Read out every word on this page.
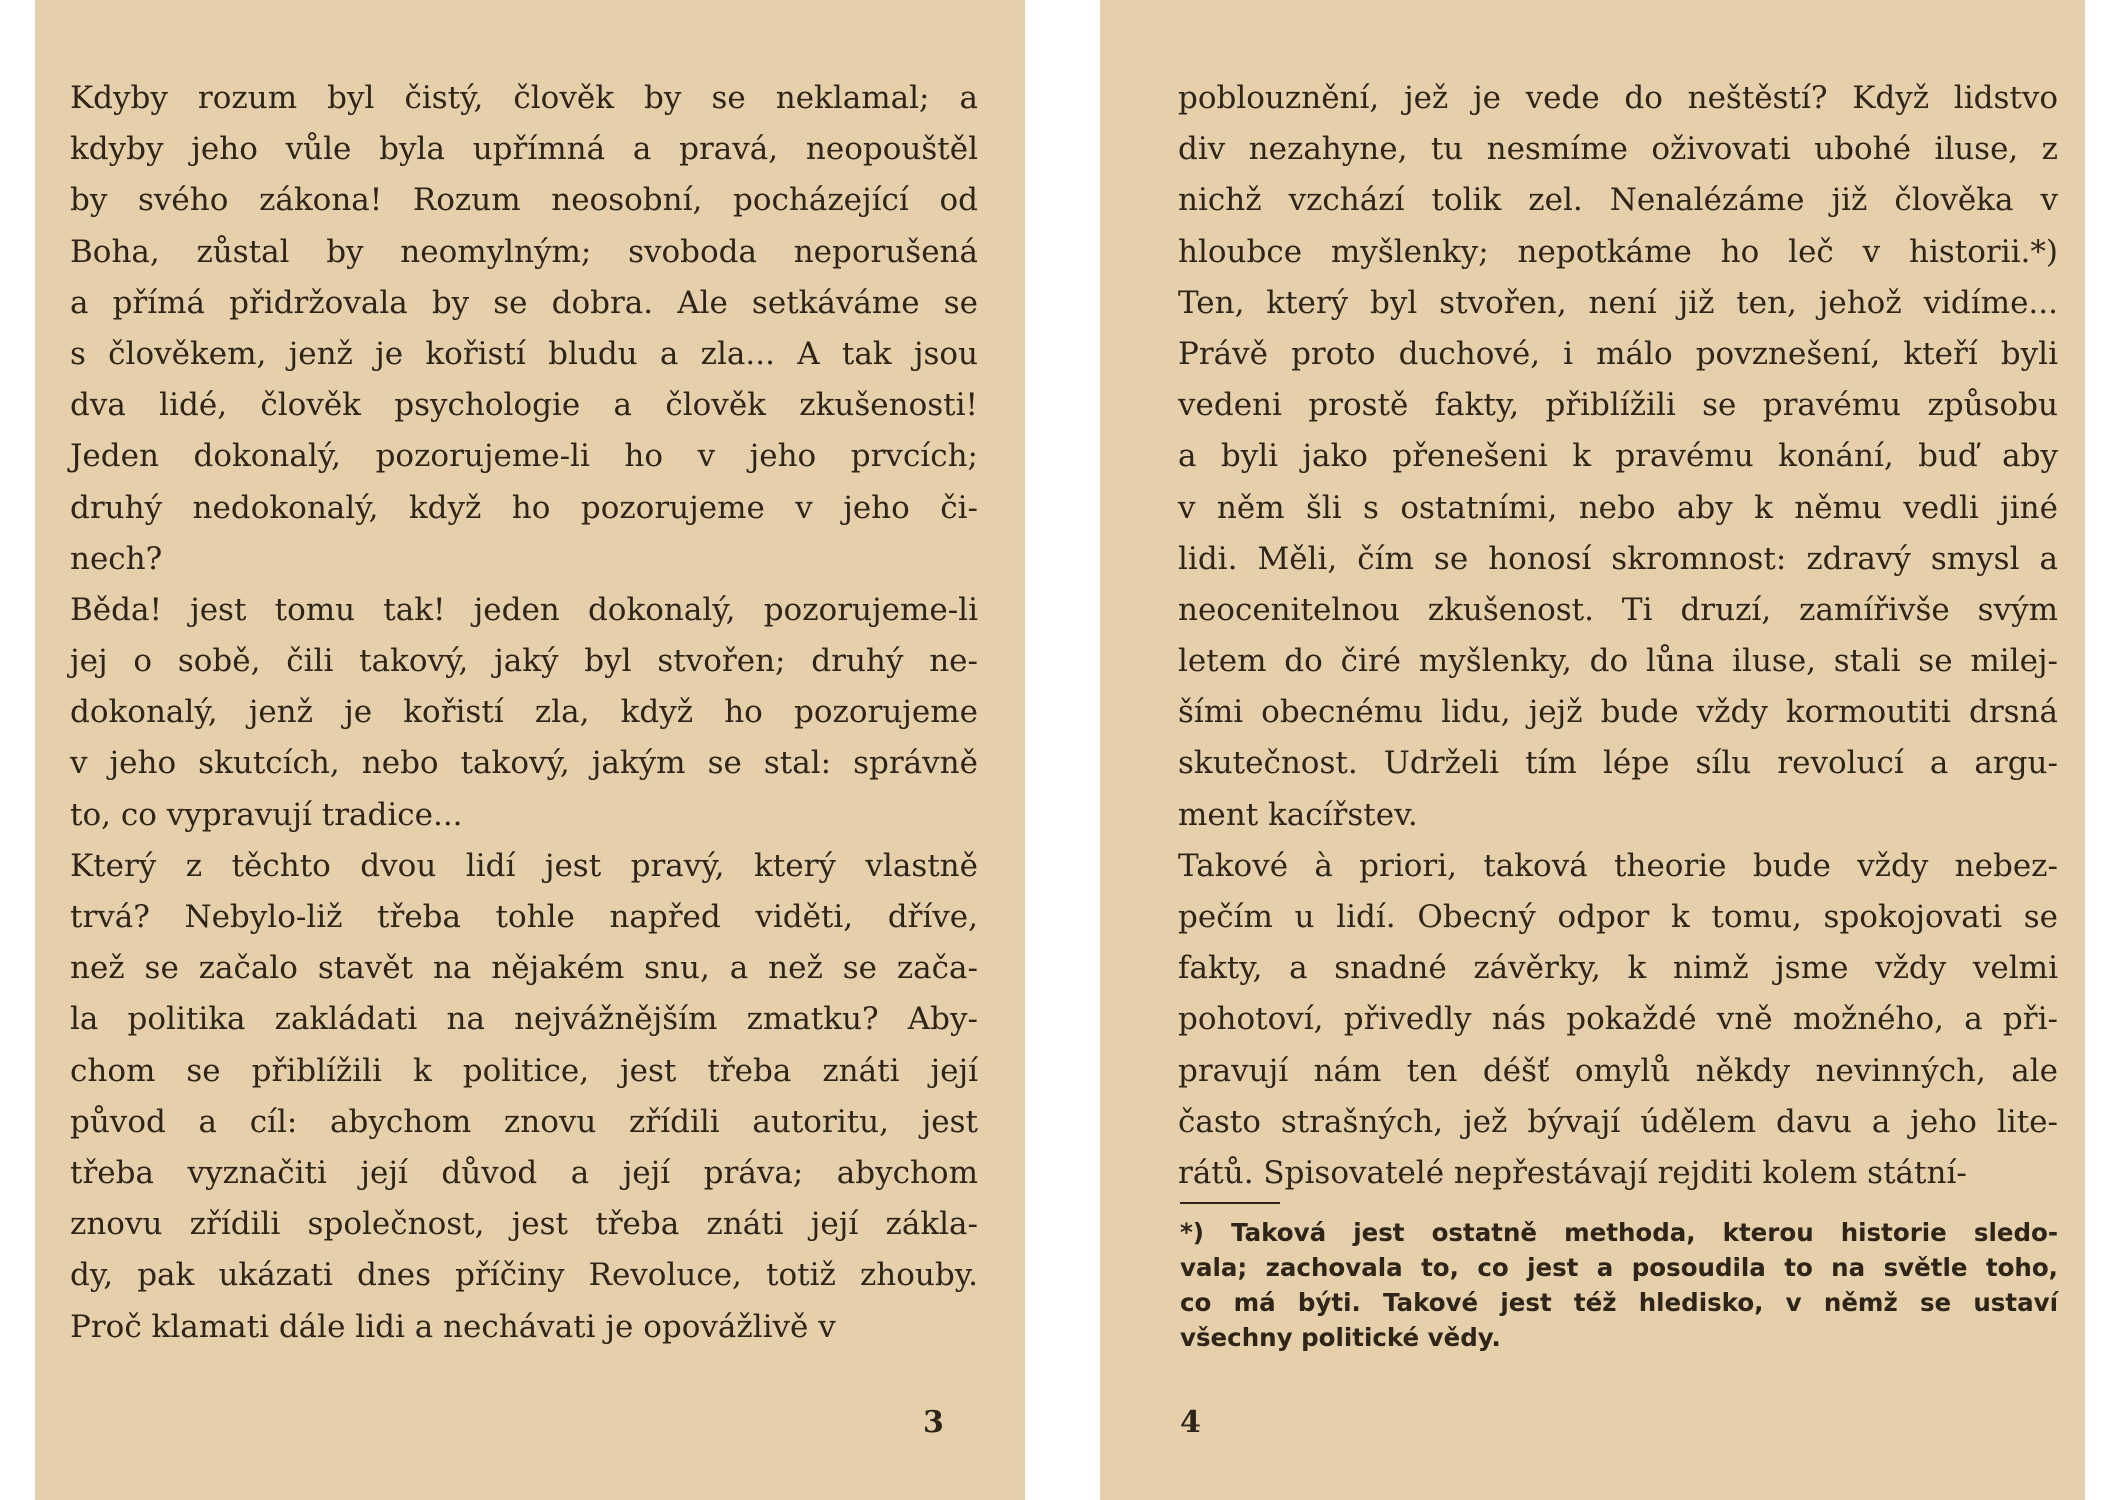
Kdyby rozum byl čistý, člověk by se neklamal; a
kdyby jeho vůle byla upřímná a pravá, neopouštěl
by svého zákona! Rozum neosobní, pocházející od
Boha, zůstal by neomylným; svoboda neporušená
a přímá přidržovala by se dobra. Ale setkáváme se
s člověkem, jenž je kořistí bludu a zla... A tak jsou
dva lidé, člověk psychologie a člověk zkušenosti!
Jeden dokonalý, pozorujeme-li ho v jeho prvcích;
druhý nedokonalý, když ho pozorujeme v jeho či-
nech?
Běda! jest tomu tak! jeden dokonalý, pozorujeme-li
jej o sobě, čili takový, jaký byl stvořen; druhý ne-
dokonalý, jenž je kořistí zla, když ho pozorujeme
v jeho skutcích, nebo takový, jakým se stal: správně
to, co vypravují tradice...
Který z těchto dvou lidí jest pravý, který vlastně
trvá? Nebylo-liž třeba tohle napřed viděti, dříve,
než se začalo stavět na nějakém snu, a než se začа-
la politika zakládati na nejvážnějším zmatku? Aby-
chom se přiblížili k politice, jest třeba znáti její
původ a cíl: abychom znovu zřídili autoritu, jest
třeba vyznačiti její důvod a její práva; abychom
znovu zřídili společnost, jest třeba znáti její zákla-
dy, pak ukázati dnes příčiny Revoluce, totiž zhouby.
Proč klamati dále lidi a nechávati je opovážlivě v
3
poblouznění, jež je vede do neštěstí? Když lidstvo
div nezahyne, tu nesmíme oživovati ubohé iluse, z
nichž vzchází tolik zel. Nenalézáme již člověka v
hloubce myšlenky; nepotkáme ho leč v historii.*)
Ten, který byl stvořen, není již ten, jehož vidíme...
Právě proto duchové, i málo povznešení, kteří byli
vedeni prostě fakty, přiblížili se pravému způsobu
a byli jako přenešeni k pravému konání, buď aby
v něm šli s ostatními, nebo aby k němu vedli jiné
lidi. Měli, čím se honosí skromnost: zdravý smysl a
neocenitelnou zkušenost. Ti druzí, zamířivše svým
letem do čiré myšlenky, do lůna iluse, stali se milej-
šími obecnému lidu, jejž bude vždy kormoutiti drsná
skutečnost. Udrželi tím lépe sílu revolucí a argu-
ment kacířstev.
Takové à priori, taková theorie bude vždy nebez-
pečím u lidí. Obecný odpor k tomu, spokojovati se
fakty, a snadné závěrky, k nimž jsme vždy velmi
pohotoví, přivedly nás pokaždé vně možného, a při-
pravují nám ten déšť omylů někdy nevinných, ale
často strašných, jež bývají údělem davu a jeho lite-
rátů. Spisovatelé nepřestávají rejditi kolem státní-
*) Taková jest ostatně methoda, kterou historie sledo-
vala; zachovala to, co jest a posoudila to na světle toho,
co má býti. Takové jest též hledisko, v němž se ustaví
všechny politické vědy.
4
